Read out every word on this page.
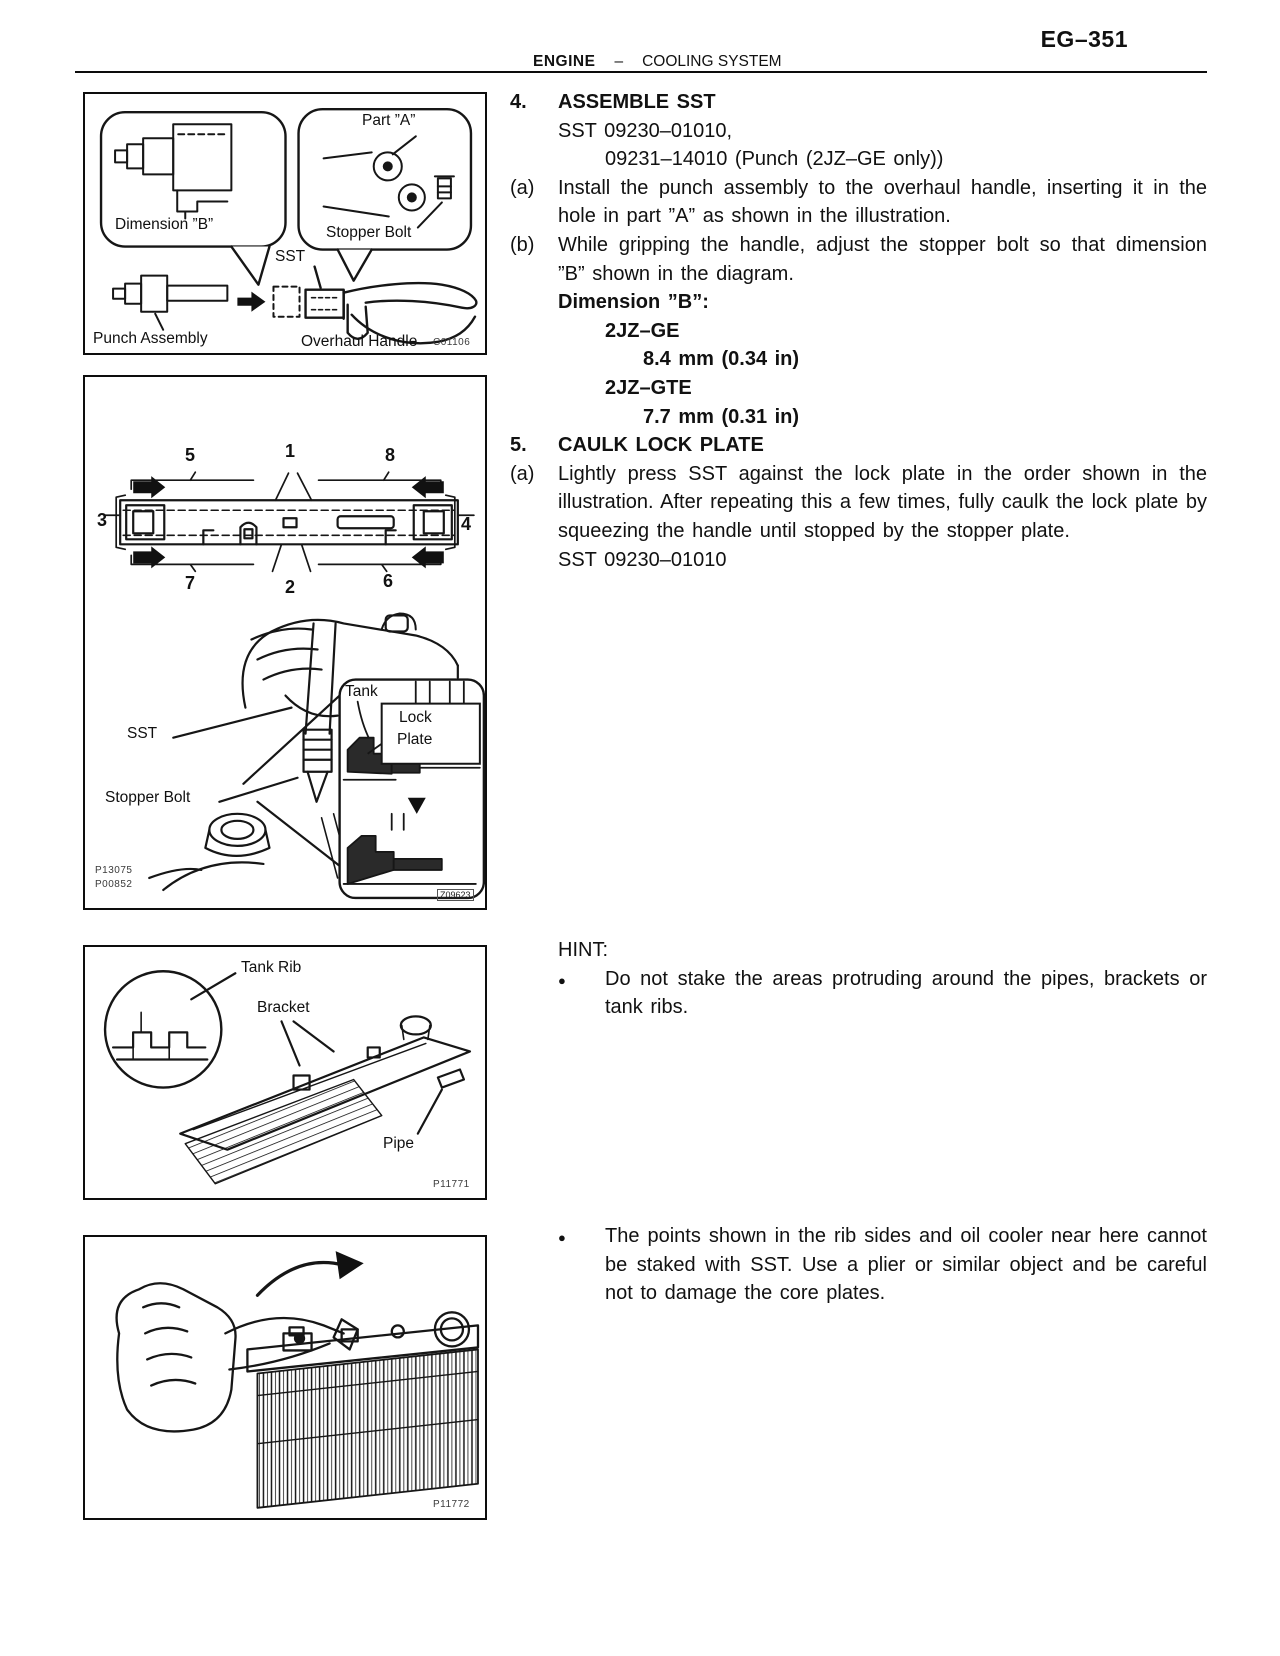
EG–351
ENGINE – COOLING SYSTEM
Dimension ”B”
Part ”A”
Stopper Bolt
SST
Punch Assembly	Overhaul Handle C01106
5	1	8
3	4
7	2	6
SST
Stopper Bolt
Tank
Lock
Plate
P13075
P00852
Z09623
Tank Rib
Bracket
Pipe
P11771
P11772
4.	ASSEMBLE SST
SST 09230–01010,
09231–14010 (Punch (2JZ–GE only))
(a)	Install the punch assembly to the overhaul handle, inserting it in the hole in part ”A” as shown in the illustration.
(b)	While gripping the handle, adjust the stopper bolt so that dimension ”B” shown in the diagram.
Dimension ”B”:
2JZ–GE
8.4 mm (0.34 in)
2JZ–GTE
7.7 mm (0.31 in)
5.	CAULK LOCK PLATE
(a)	Lightly press SST against the lock plate in the order shown in the illustration. After repeating this a few times, fully caulk the lock plate by squeezing the handle until stopped by the stopper plate.
SST 09230–01010
HINT:
●	Do not stake the areas protruding around the pipes, brackets or tank ribs.
●	The points shown in the rib sides and oil cooler near here cannot be staked with SST. Use a plier or similar object and be careful not to damage the core plates.
